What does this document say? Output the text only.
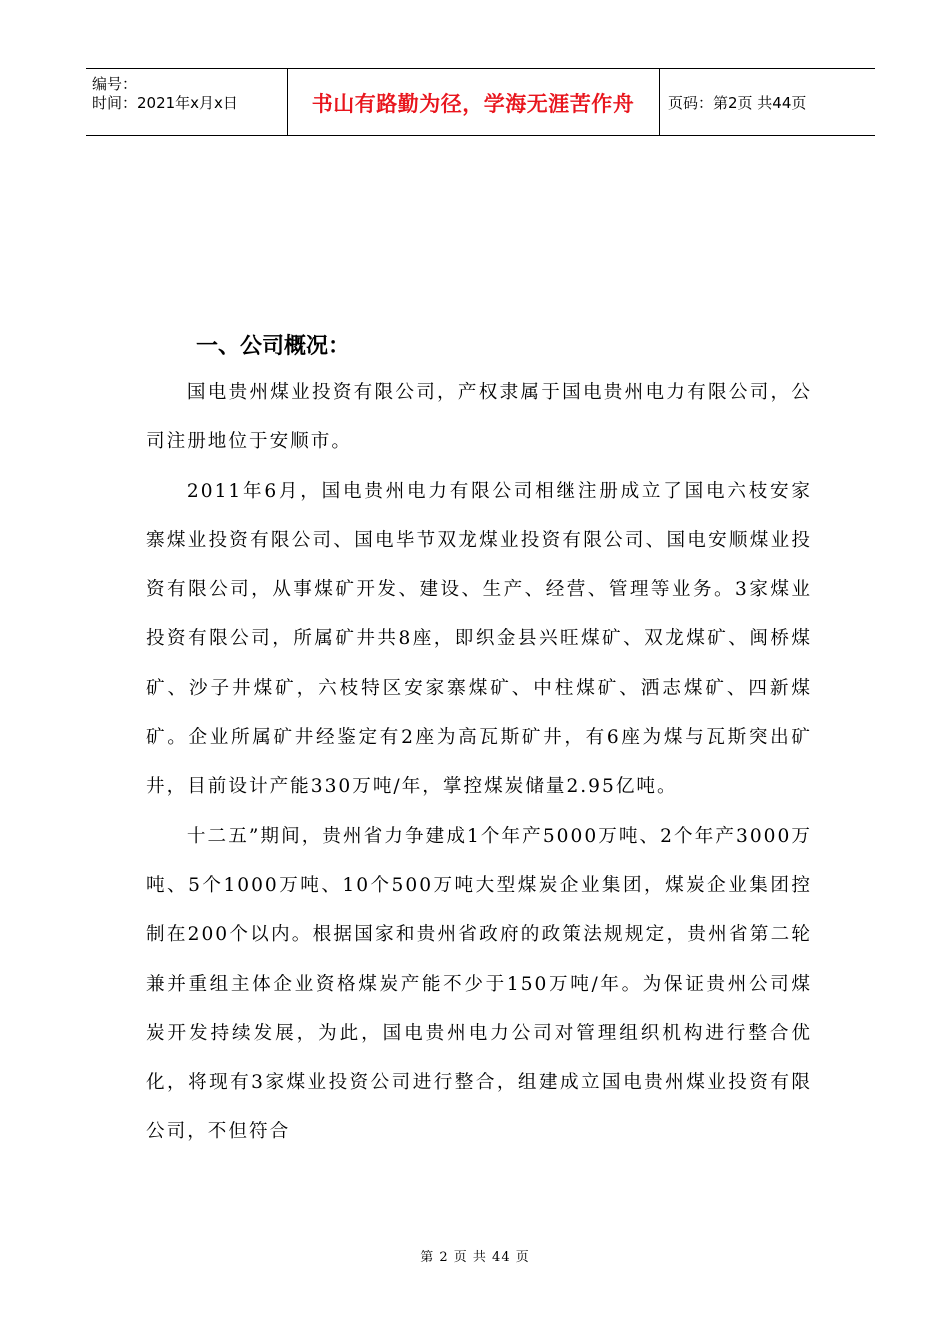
编号：
时间：2021年x月x日	书山有路勤为径，学海无涯苦作舟	页码：第2页 共44页
一、公司概况：

国电贵州煤业投资有限公司，产权隶属于国电贵州电力有限公司，公司注册地位于安顺市。

2011年6月，国电贵州电力有限公司相继注册成立了国电六枝安家寨煤业投资有限公司、国电毕节双龙煤业投资有限公司、国电安顺煤业投资有限公司，从事煤矿开发、建设、生产、经营、管理等业务。3家煤业投资有限公司，所属矿井共8座，即织金县兴旺煤矿、双龙煤矿、闽桥煤矿、沙子井煤矿，六枝特区安家寨煤矿、中柱煤矿、洒志煤矿、四新煤矿。企业所属矿井经鉴定有2座为高瓦斯矿井，有6座为煤与瓦斯突出矿井，目前设计产能330万吨/年，掌控煤炭储量2.95亿吨。

十二五”期间，贵州省力争建成1个年产5000万吨、2个年产3000万吨、5个1000万吨、10个500万吨大型煤炭企业集团，煤炭企业集团控制在200个以内。根据国家和贵州省政府的政策法规规定，贵州省第二轮兼并重组主体企业资格煤炭产能不少于150万吨/年。为保证贵州公司煤炭开发持续发展，为此，国电贵州电力公司对管理组织机构进行整合优化，将现有3家煤业投资公司进行整合，组建成立国电贵州煤业投资有限公司，不但符合

第 2 页 共 44 页
